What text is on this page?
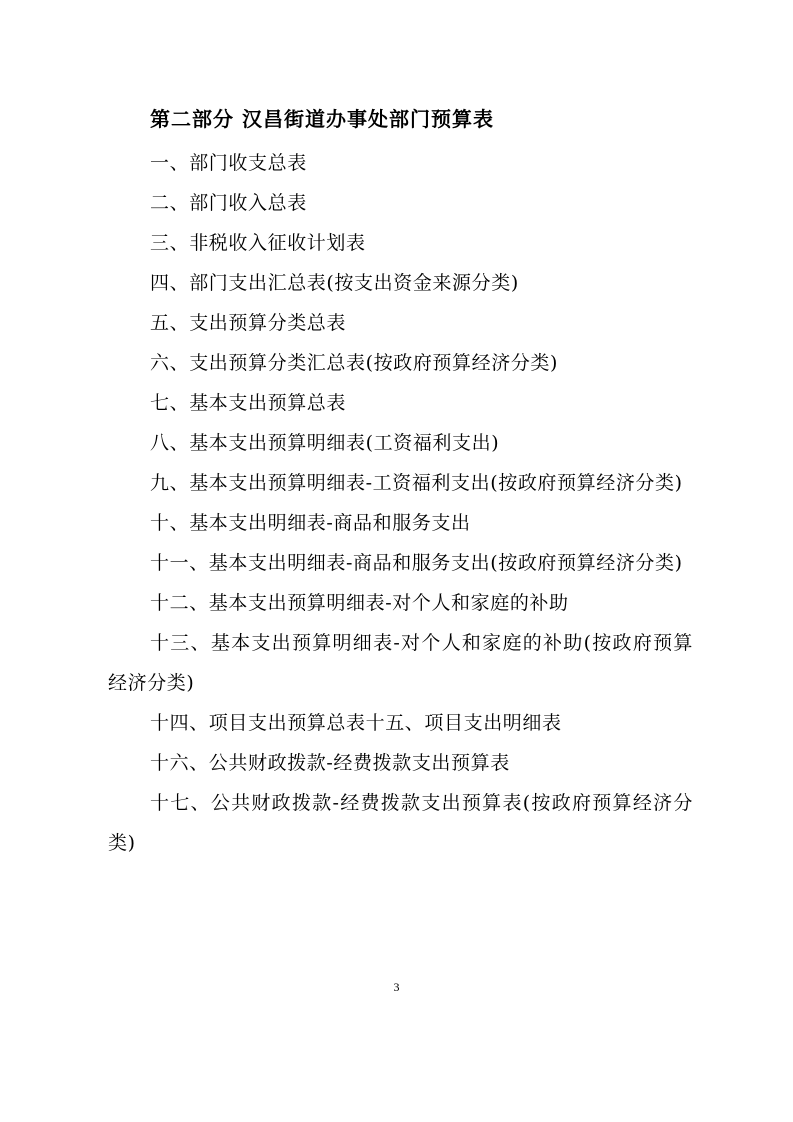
第二部分 汉昌街道办事处部门预算表
一、部门收支总表
二、部门收入总表
三、非税收入征收计划表
四、部门支出汇总表(按支出资金来源分类)
五、支出预算分类总表
六、支出预算分类汇总表(按政府预算经济分类)
七、基本支出预算总表
八、基本支出预算明细表(工资福利支出)
九、基本支出预算明细表-工资福利支出(按政府预算经济分类)
十、基本支出明细表-商品和服务支出
十一、基本支出明细表-商品和服务支出(按政府预算经济分类)
十二、基本支出预算明细表-对个人和家庭的补助
十三、基本支出预算明细表-对个人和家庭的补助(按政府预算经济分类)
十四、项目支出预算总表十五、项目支出明细表
十六、公共财政拨款-经费拨款支出预算表
十七、公共财政拨款-经费拨款支出预算表(按政府预算经济分类)
3
